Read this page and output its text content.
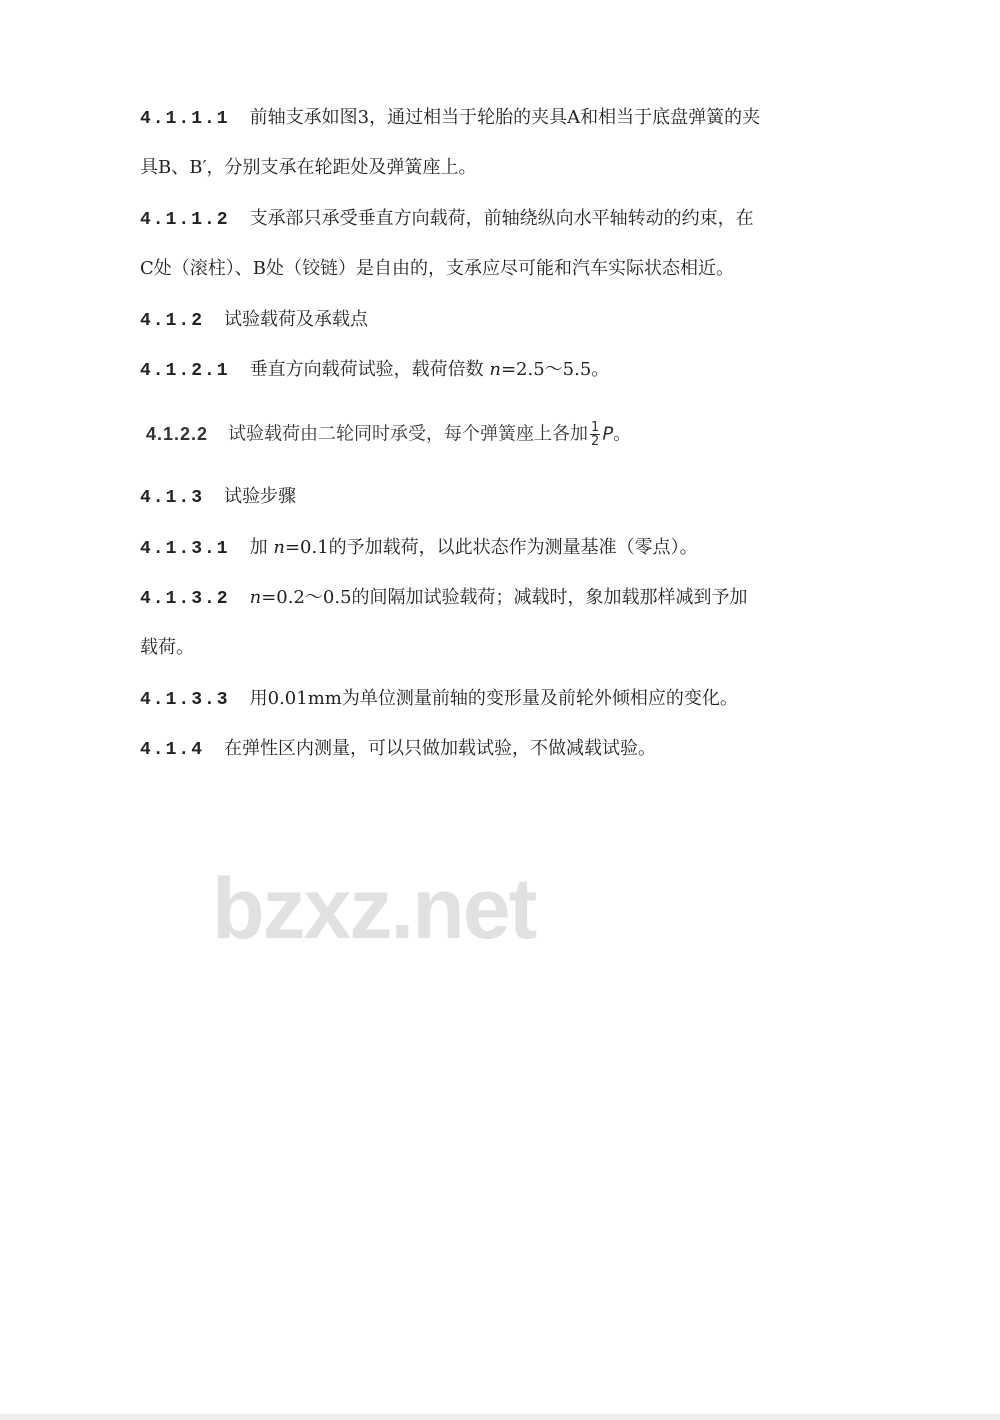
bzxz.net
4.1.1.1 前轴支承如图3，通过相当于轮胎的夹具A和相当于底盘弹簧的夹
具B、B′，分别支承在轮距处及弹簧座上。
4.1.1.2 支承部只承受垂直方向载荷，前轴绕纵向水平轴转动的约束，在
C处（滚柱）、B处（铰链）是自由的，支承应尽可能和汽车实际状态相近。
4.1.2 试验载荷及承载点
4.1.2.1 垂直方向载荷试验，载荷倍数 n=2.5～5.5。
4.1.2.2 试验载荷由二轮同时承受，每个弹簧座上各加 $\frac{1}{2}$ P。
4.1.3 试验步骤
4.1.3.1 加 n=0.1的予加载荷，以此状态作为测量基准（零点）。
4.1.3.2 n=0.2～0.5的间隔加试验载荷；减载时，象加载那样减到予加
载荷。
4.1.3.3 用0.01mm为单位测量前轴的变形量及前轮外倾相应的变化。
4.1.4 在弹性区内测量，可以只做加载试验，不做减载试验。
